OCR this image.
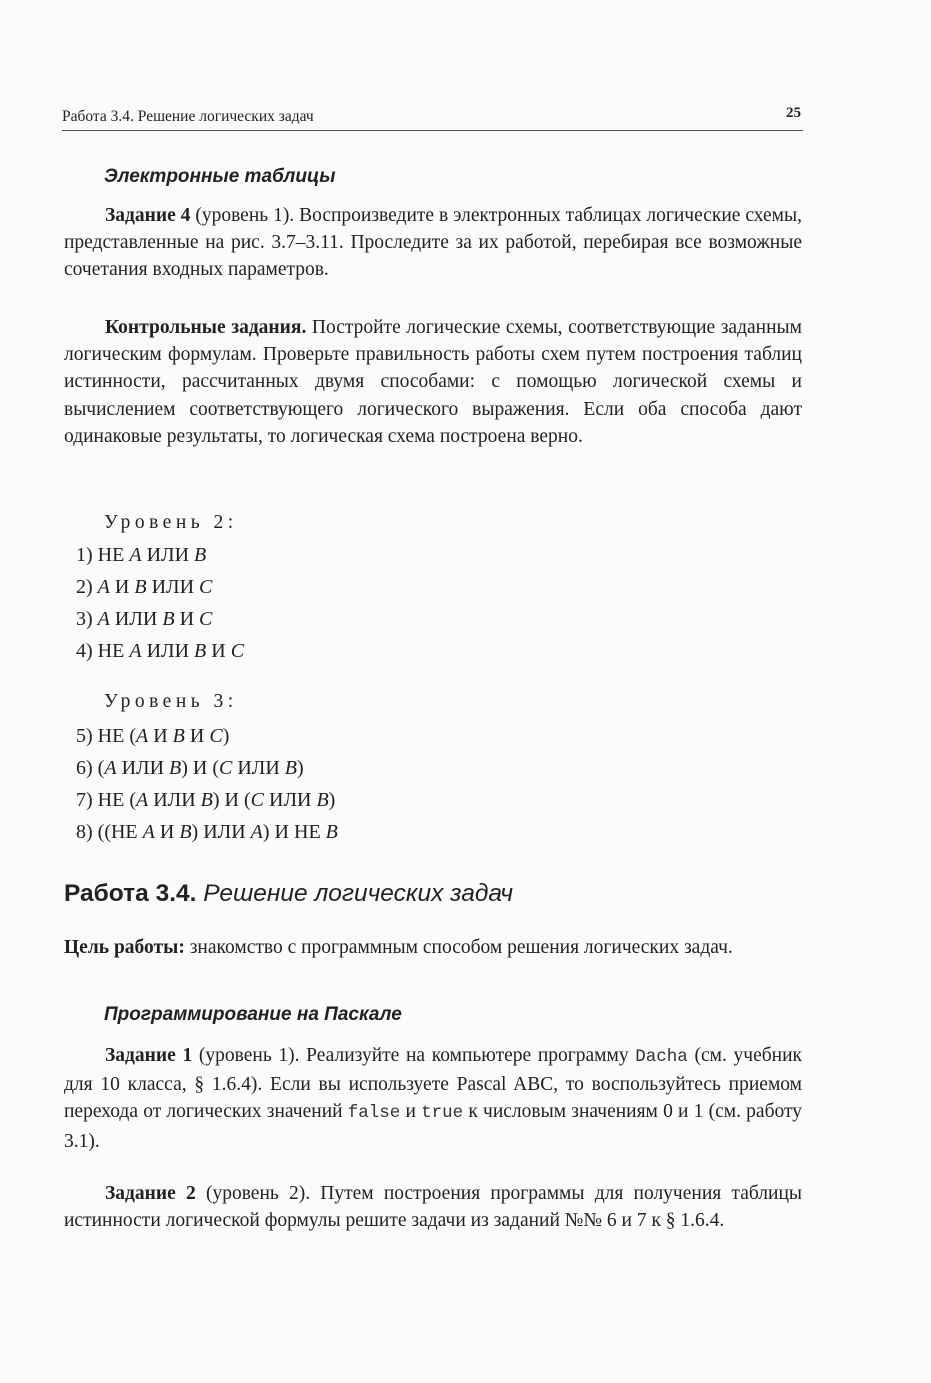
Работа 3.4. Решение логических задач	25
Электронные таблицы
Задание 4 (уровень 1). Воспроизведите в электронных таблицах логические схемы, представленные на рис. 3.7–3.11. Проследите за их работой, перебирая все возможные сочетания входных параметров.
Контрольные задания. Постройте логические схемы, соответствующие заданным логическим формулам. Проверьте правильность работы схем путем построения таблиц истинности, рассчитанных двумя способами: с помощью логической схемы и вычислением соответствующего логического выражения. Если оба способа дают одинаковые результаты, то логическая схема построена верно.
Уровень 2:
1) НЕ A ИЛИ B
2) A И B ИЛИ C
3) A ИЛИ B И C
4) НЕ A ИЛИ B И C
Уровень 3:
5) НЕ (A И B И C)
6) (A ИЛИ B) И (C ИЛИ B)
7) НЕ (A ИЛИ B) И (C ИЛИ B)
8) ((НЕ A И B) ИЛИ A) И НЕ B
Работа 3.4. Решение логических задач
Цель работы: знакомство с программным способом решения логических задач.
Программирование на Паскале
Задание 1 (уровень 1). Реализуйте на компьютере программу Dacha (см. учебник для 10 класса, § 1.6.4). Если вы используете Pascal ABC, то воспользуйтесь приемом перехода от логических значений false и true к числовым значениям 0 и 1 (см. работу 3.1).
Задание 2 (уровень 2). Путем построения программы для получения таблицы истинности логической формулы решите задачи из заданий №№ 6 и 7 к § 1.6.4.
